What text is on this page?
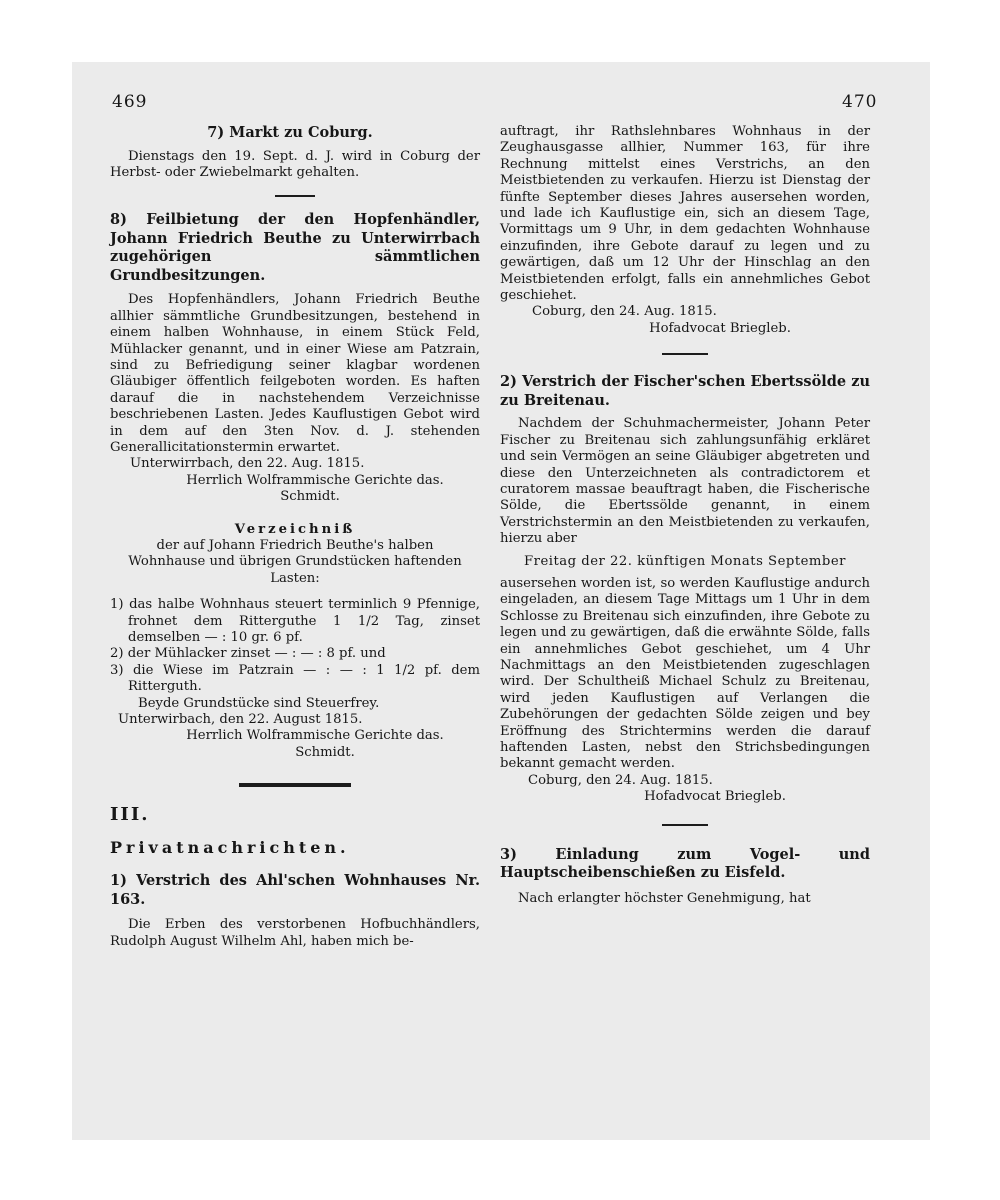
469	470

7) Markt zu Coburg.

Dienstags den 19. Sept. d. J. wird in Coburg der Herbst- oder Zwiebelmarkt gehalten.

8) Feilbietung der den Hopfenhändler, Johann Friedrich Beuthe zu Unterwirrbach zugehörigen sämmtlichen Grundbesitzungen.

Des Hopfenhändlers, Johann Friedrich Beuthe allhier sämmtliche Grundbesitzungen, bestehend in einem halben Wohnhause, in einem Stück Feld, Mühlacker genannt, und in einer Wiese am Patzrain, sind zu Befriedigung seiner klagbar wordenen Gläubiger öffentlich feilgeboten worden. Es haften darauf die in nachstehendem Verzeichnisse beschriebenen Lasten. Jedes Kauflustigen Gebot wird in dem auf den 3ten Nov. d. J. stehenden Generallicitationstermin erwartet.

Unterwirrbach, den 22. Aug. 1815.

Herrlich Wolframmische Gerichte das.

Schmidt.

Verzeichniß

der auf Johann Friedrich Beuthe's halben Wohnhause und übrigen Grundstücken haftenden Lasten:

1) das halbe Wohnhaus steuert terminlich 9 Pfennige, frohnet dem Ritterguthe 1 1/2 Tag, zinset demselben — : 10 gr. 6 pf.

2) der Mühlacker zinset — : — : 8 pf. und

3) die Wiese im Patzrain — : — : 1 1/2 pf. dem Ritterguth.

Beyde Grundstücke sind Steuerfrey.

Unterwirbach, den 22. August 1815.

Herrlich Wolframmische Gerichte das.

Schmidt.

III.

Privatnachrichten.

1) Verstrich des Ahl'schen Wohnhauses Nr. 163.

Die Erben des verstorbenen Hofbuchhändlers, Rudolph August Wilhelm Ahl, haben mich be-

auftragt, ihr Rathslehnbares Wohnhaus in der Zeughausgasse allhier, Nummer 163, für ihre Rechnung mittelst eines Verstrichs, an den Meistbietenden zu verkaufen. Hierzu ist Dienstag der fünfte September dieses Jahres ausersehen worden, und lade ich Kauflustige ein, sich an diesem Tage, Vormittags um 9 Uhr, in dem gedachten Wohnhause einzufinden, ihre Gebote darauf zu legen und zu gewärtigen, daß um 12 Uhr der Hinschlag an den Meistbietenden erfolgt, falls ein annehmliches Gebot geschiehet.

Coburg, den 24. Aug. 1815.

Hofadvocat Briegleb.

2) Verstrich der Fischer'schen Ebertssölde zu zu Breitenau.

Nachdem der Schuhmachermeister, Johann Peter Fischer zu Breitenau sich zahlungsunfähig erkläret und sein Vermögen an seine Gläubiger abgetreten und diese den Unterzeichneten als contradictorem et curatorem massae beauftragt haben, die Fischerische Sölde, die Ebertssölde genannt, in einem Verstrichstermin an den Meistbietenden zu verkaufen, hierzu aber

Freitag der 22. künftigen Monats September

ausersehen worden ist, so werden Kauflustige andurch eingeladen, an diesem Tage Mittags um 1 Uhr in dem Schlosse zu Breitenau sich einzufinden, ihre Gebote zu legen und zu gewärtigen, daß die erwähnte Sölde, falls ein annehmliches Gebot geschiehet, um 4 Uhr Nachmittags an den Meistbietenden zugeschlagen wird. Der Schultheiß Michael Schulz zu Breitenau, wird jeden Kauflustigen auf Verlangen die Zubehörungen der gedachten Sölde zeigen und bey Eröffnung des Strichtermins werden die darauf haftenden Lasten, nebst den Strichsbedingungen bekannt gemacht werden.

Coburg, den 24. Aug. 1815.

Hofadvocat Briegleb.

3) Einladung zum Vogel- und Hauptscheibenschießen zu Eisfeld.

Nach erlangter höchster Genehmigung, hat
